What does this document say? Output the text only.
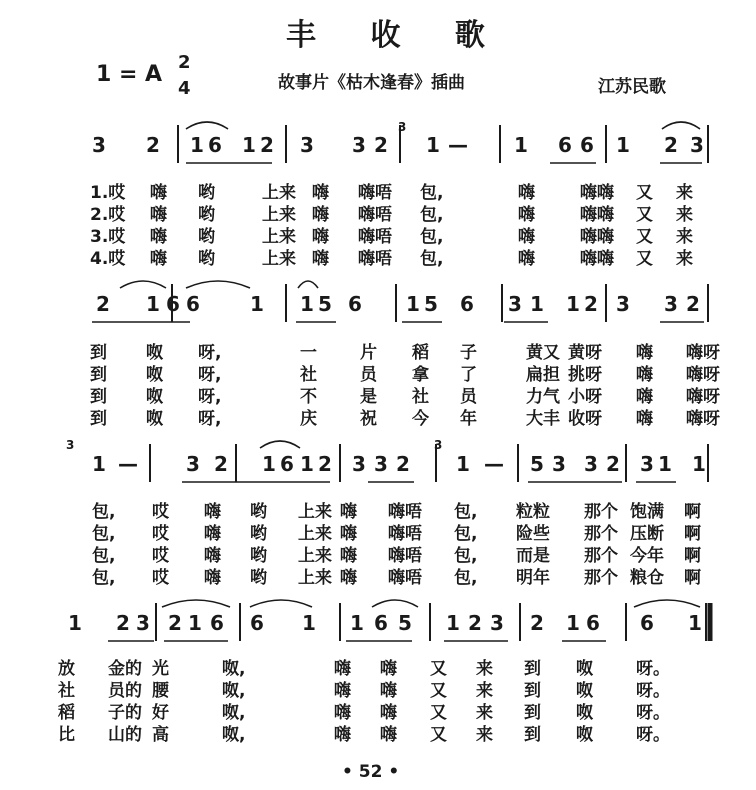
丰 收 歌
1 = A 2
4	故事片《枯木逢春》插曲	江苏民歌
3 2 1 6 1 2 3 3 2 1 — 1 6 6 1 2 3
1.哎 嗨 哟	上来 嗨 嗨唔 包,	嗨	嗨嗨 又 来
2.哎 嗨 哟	上来 嗨 嗨唔 包,	嗨	嗨嗨 又 来
3.哎 嗨 哟	上来 嗨 嗨唔 包,	嗨	嗨嗨 又 来
4.哎 嗨 哟	上来 嗨 嗨唔 包,	嗨	嗨嗨 又 来
2 1 6 6	1 1 5 6 1 5 6 3 1 1 2 3 3 2
到 呶 呀,	一	片 稻 子	黄又 黄呀 嗨 嗨呀
到 呶 呀,	社	员 拿 了	扁担 挑呀 嗨 嗨呀
到 呶 呀,	不	是 社 员	力气 小呀 嗨 嗨呀
到 呶 呀,	庆	祝 今 年	大丰 收呀 嗨 嗨呀
1 — 3 2 1 6 1 2 3 3 2 1 — 5 3 3 2 3 1 1
包, 哎 嗨 哟 上来 嗨 嗨唔 包, 粒粒 那个 饱满 啊
包, 哎 嗨 哟 上来 嗨 嗨唔 包, 险些 那个 压断 啊
包, 哎 嗨 哟 上来 嗨 嗨唔 包, 而是 那个 今年 啊
包, 哎 嗨 哟 上来 嗨 嗨唔 包, 明年 那个 粮仓 啊
1 2 3 2 1 6 6 1 1 6 5 1 2 3 2 1 6 6 1
放 金的 光	呶,	嗨 嗨 又 来 到 呶	呀。
社 员的 腰	呶,	嗨 嗨 又 来 到 呶	呀。
稻 子的 好	呶,	嗨 嗨 又 来 到 呶	呀。
比 山的 高	呶,	嗨 嗨 又 来 到 呶	呀。
3
3	3
• 52 •
